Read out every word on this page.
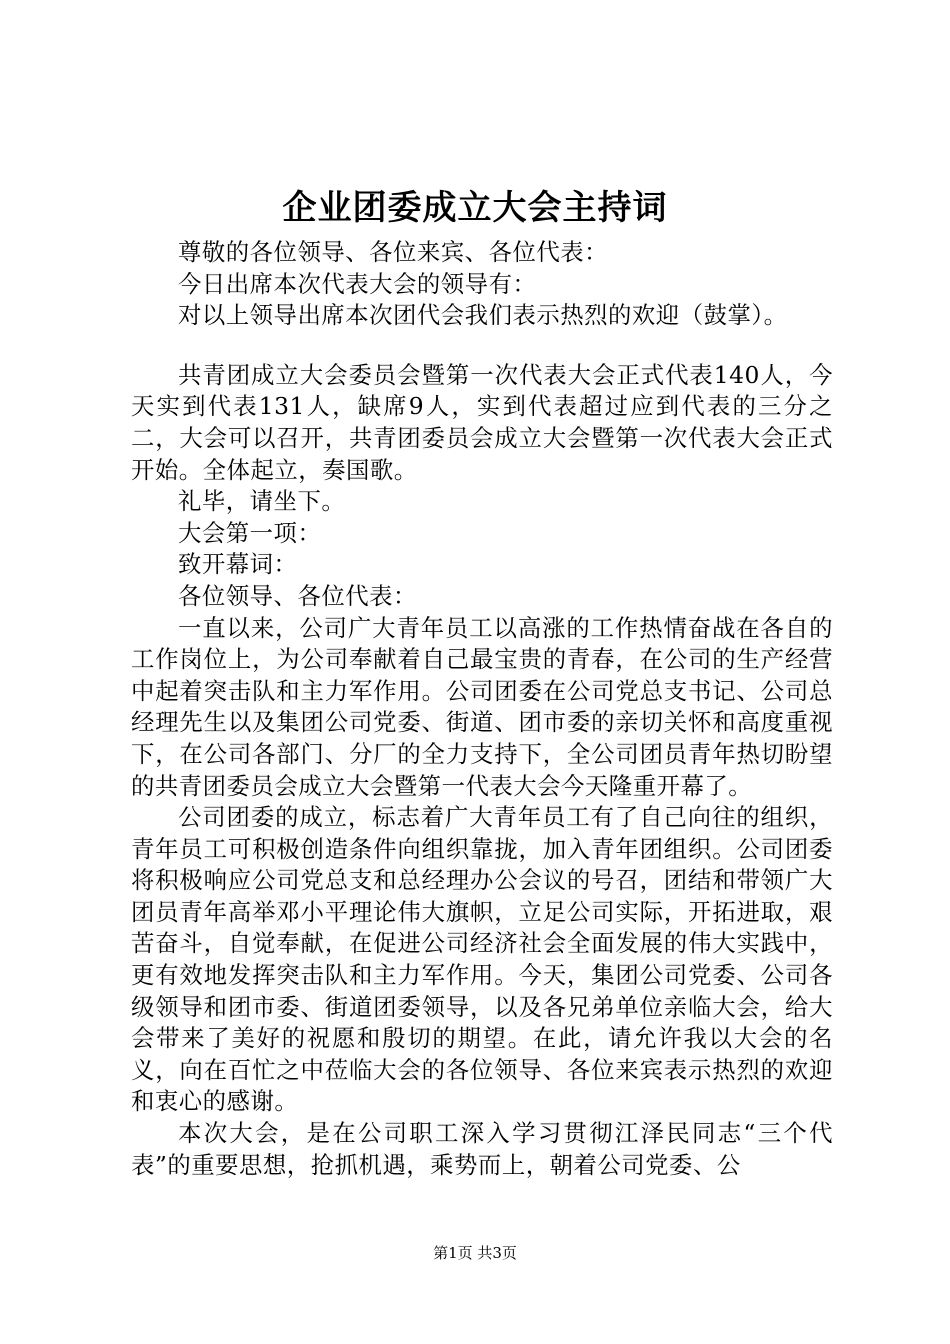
企业团委成立大会主持词

尊敬的各位领导、各位来宾、各位代表：

今日出席本次代表大会的领导有：

对以上领导出席本次团代会我们表示热烈的欢迎（鼓掌）。

共青团成立大会委员会暨第一次代表大会正式代表140人，今天实到代表131人，缺席9人，实到代表超过应到代表的三分之二，大会可以召开，共青团委员会成立大会暨第一次代表大会正式开始。全体起立，奏国歌。

礼毕，请坐下。

大会第一项：

致开幕词：

各位领导、各位代表：

一直以来，公司广大青年员工以高涨的工作热情奋战在各自的工作岗位上，为公司奉献着自己最宝贵的青春，在公司的生产经营中起着突击队和主力军作用。公司团委在公司党总支书记、公司总经理先生以及集团公司党委、街道、团市委的亲切关怀和高度重视下，在公司各部门、分厂的全力支持下，全公司团员青年热切盼望的共青团委员会成立大会暨第一代表大会今天隆重开幕了。

公司团委的成立，标志着广大青年员工有了自己向往的组织，青年员工可积极创造条件向组织靠拢，加入青年团组织。公司团委将积极响应公司党总支和总经理办公会议的号召，团结和带领广大团员青年高举邓小平理论伟大旗帜，立足公司实际，开拓进取，艰苦奋斗，自觉奉献，在促进公司经济社会全面发展的伟大实践中，更有效地发挥突击队和主力军作用。今天，集团公司党委、公司各级领导和团市委、街道团委领导，以及各兄弟单位亲临大会，给大会带来了美好的祝愿和殷切的期望。在此，请允许我以大会的名义，向在百忙之中莅临大会的各位领导、各位来宾表示热烈的欢迎和衷心的感谢。

本次大会，是在公司职工深入学习贯彻江泽民同志“三个代表”的重要思想，抢抓机遇，乘势而上，朝着公司党委、公

第1页 共3页
